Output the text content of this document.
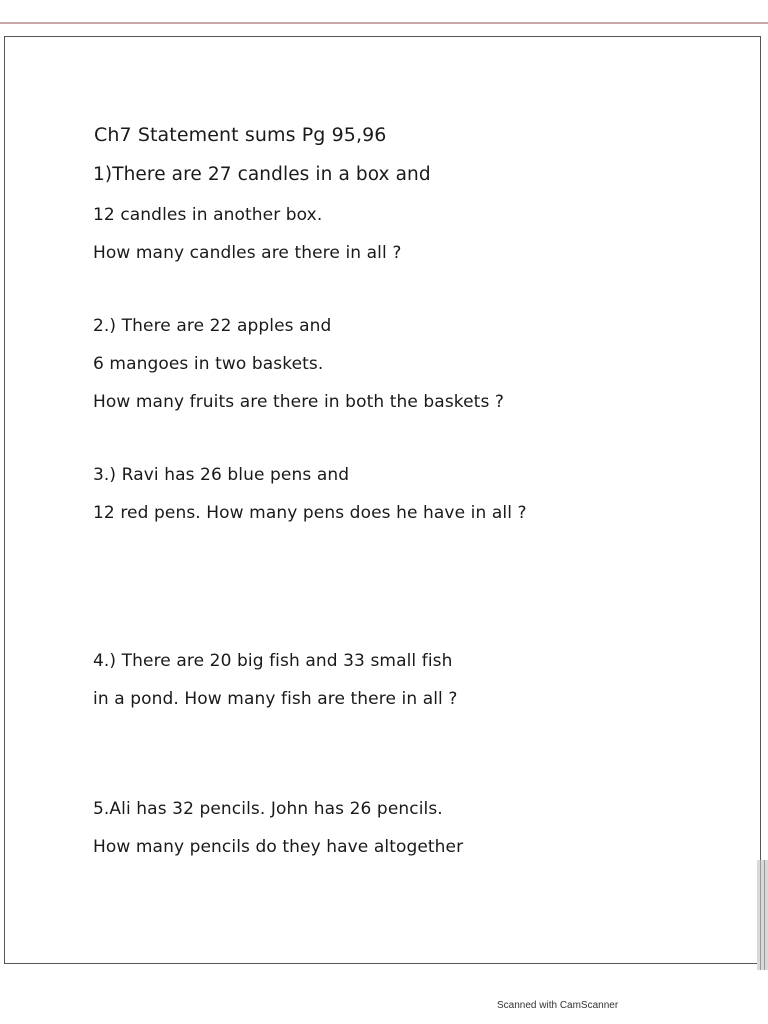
Ch7 Statement sums Pg 95,96

1)There are 27 candles in a box and

12 candles in another box.

How many candles are there in all ?

2.) There are 22 apples and

6 mangoes in two baskets.

How many fruits are there in both the baskets ?

3.) Ravi has 26 blue pens and

12 red pens. How many pens does he have in all ?

4.) There are 20 big fish and 33 small fish

in a pond. How many fish are there in all ?

5.Ali has 32 pencils. John has 26 pencils.

How many pencils do they have altogether

Scanned with CamScanner
